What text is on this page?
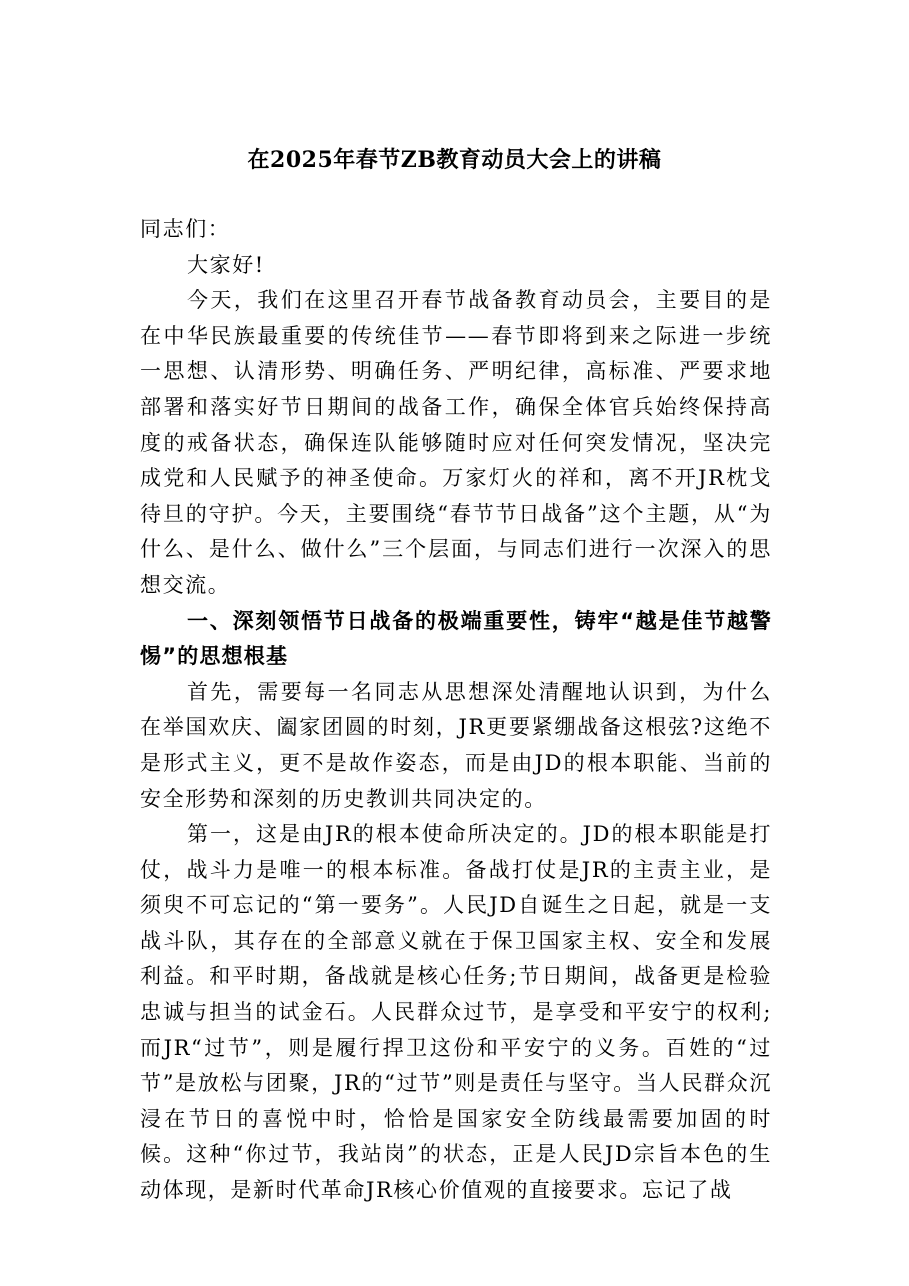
在2025年春节ZB教育动员大会上的讲稿

同志们：

大家好!

今天，我们在这里召开春节战备教育动员会，主要目的是在中华民族最重要的传统佳节——春节即将到来之际进一步统一思想、认清形势、明确任务、严明纪律，高标准、严要求地部署和落实好节日期间的战备工作，确保全体官兵始终保持高度的戒备状态，确保连队能够随时应对任何突发情况，坚决完成党和人民赋予的神圣使命。万家灯火的祥和，离不开JR枕戈待旦的守护。今天，主要围绕“春节节日战备”这个主题，从“为什么、是什么、做什么”三个层面，与同志们进行一次深入的思想交流。

一、深刻领悟节日战备的极端重要性，铸牢“越是佳节越警惕”的思想根基

首先，需要每一名同志从思想深处清醒地认识到，为什么在举国欢庆、阖家团圆的时刻，JR更要紧绷战备这根弦?这绝不是形式主义，更不是故作姿态，而是由JD的根本职能、当前的安全形势和深刻的历史教训共同决定的。

第一，这是由JR的根本使命所决定的。JD的根本职能是打仗，战斗力是唯一的根本标准。备战打仗是JR的主责主业，是须臾不可忘记的“第一要务”。人民JD自诞生之日起，就是一支战斗队，其存在的全部意义就在于保卫国家主权、安全和发展利益。和平时期，备战就是核心任务;节日期间，战备更是检验忠诚与担当的试金石。人民群众过节，是享受和平安宁的权利;而JR“过节”，则是履行捍卫这份和平安宁的义务。百姓的“过节”是放松与团聚，JR的“过节”则是责任与坚守。当人民群众沉浸在节日的喜悦中时，恰恰是国家安全防线最需要加固的时候。这种“你过节，我站岗”的状态，正是人民JD宗旨本色的生动体现，是新时代革命JR核心价值观的直接要求。忘记了战
